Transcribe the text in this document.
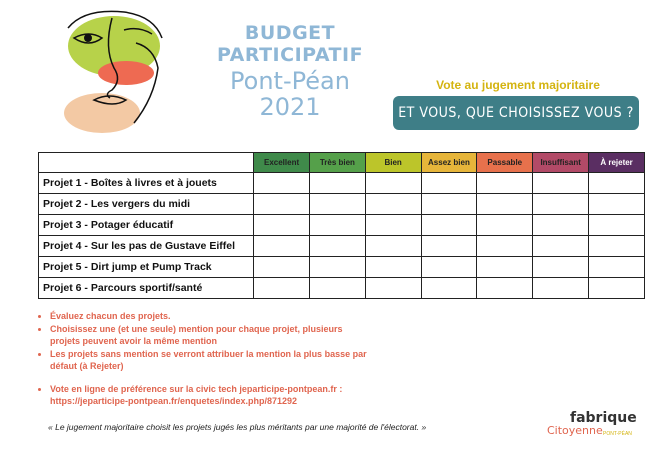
BUDGET PARTICIPATIF
Pont-Péan
2021
Vote au jugement majoritaire
ET VOUS, QUE CHOISISSEZ VOUS ?
	Excellent	Très bien	Bien	Assez bien	Passable	Insuffisant	À rejeter
Projet 1 - Boîtes à livres et à jouets							
Projet 2 - Les vergers du midi							
Projet 3 - Potager éducatif							
Projet 4 - Sur les pas de Gustave Eiffel							
Projet 5 - Dirt jump et Pump Track							
Projet 6 - Parcours sportif/santé							
• Évaluez chacun des projets.
• Choisissez une (et une seule) mention pour chaque projet, plusieurs projets peuvent avoir la même mention
• Les projets sans mention se verront attribuer la mention la plus basse par défaut (à Rejeter)
• Vote en ligne de préférence sur la civic tech jeparticipe-pontpean.fr : https://jeparticipe-pontpean.fr/enquetes/index.php/871292
« Le jugement majoritaire choisit les projets jugés les plus méritants par une majorité de l'électorat. »
fabrique
Citoyenne PONT-PÉAN
